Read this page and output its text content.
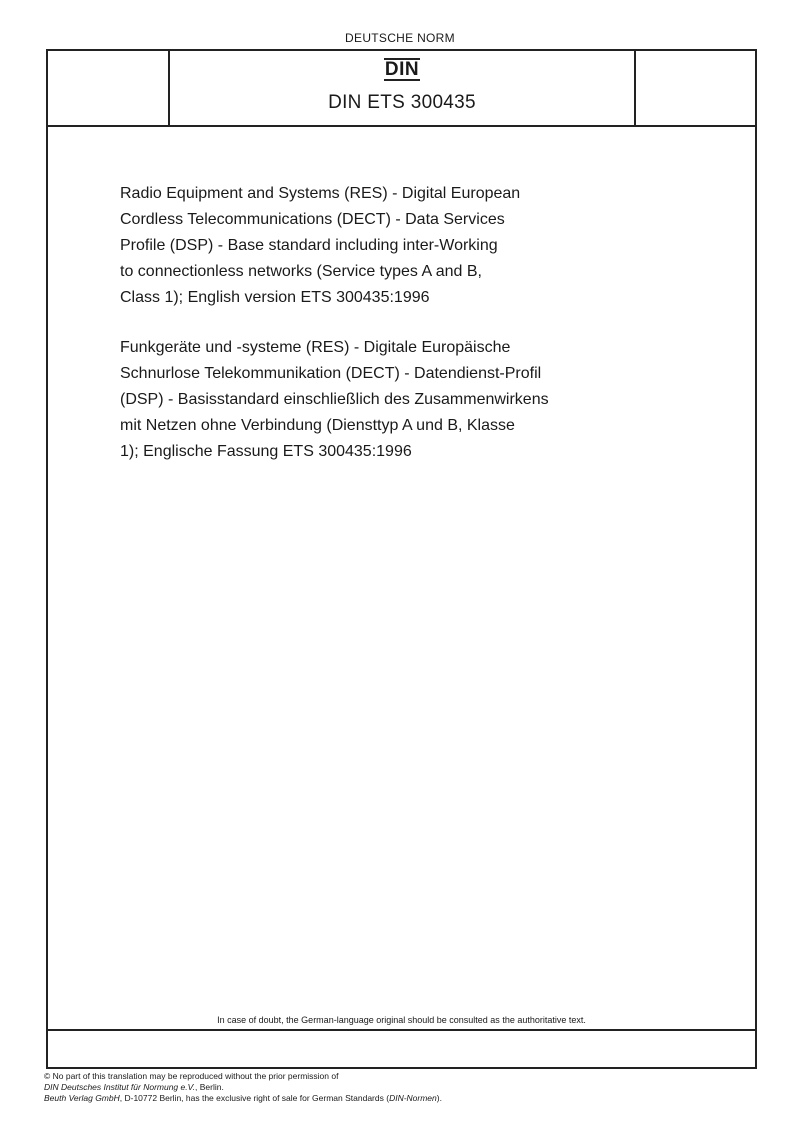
DEUTSCHE NORM
DIN
DIN ETS 300435
Radio Equipment and Systems (RES) - Digital European
Cordless Telecommunications (DECT) - Data Services
Profile (DSP) - Base standard including inter-Working
to connectionless networks (Service types A and B,
Class 1); English version ETS 300435:1996
Funkgeräte und -systeme (RES) - Digitale Europäische
Schnurlose Telekommunikation (DECT) - Datendienst-Profil
(DSP) - Basisstandard einschließlich des Zusammenwirkens
mit Netzen ohne Verbindung (Diensttyp A und B, Klasse
1); Englische Fassung ETS 300435:1996
In case of doubt, the German-language original should be consulted as the authoritative text.
© No part of this translation may be reproduced without the prior permission of
DIN Deutsches Institut für Normung e.V., Berlin.
Beuth Verlag GmbH, D-10772 Berlin, has the exclusive right of sale for German Standards (DIN-Normen).
